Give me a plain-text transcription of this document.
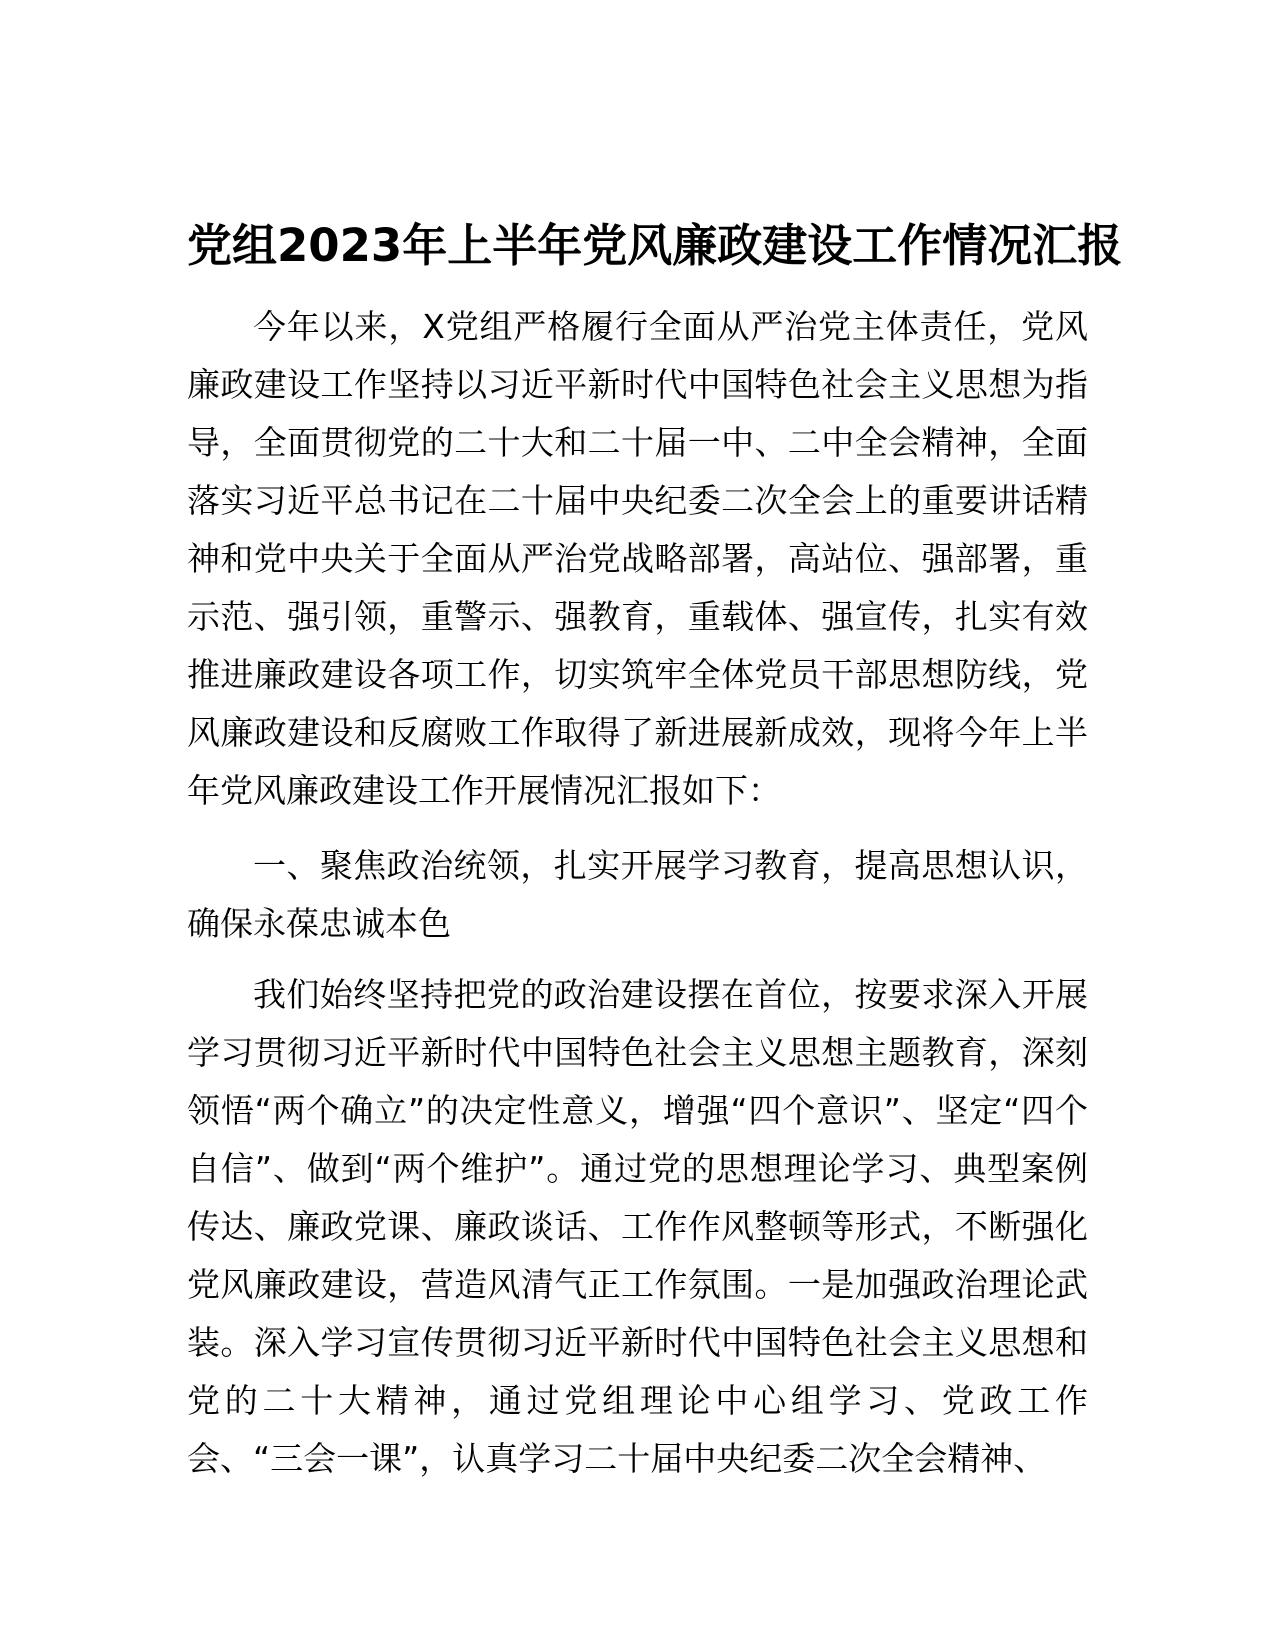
党组2023年上半年党风廉政建设工作情况汇报
今年以来，X党组严格履行全面从严治党主体责任，党风
廉政建设工作坚持以习近平新时代中国特色社会主义思想为指
导，全面贯彻党的二十大和二十届一中、二中全会精神，全面
落实习近平总书记在二十届中央纪委二次全会上的重要讲话精
神和党中央关于全面从严治党战略部署，高站位、强部署，重
示范、强引领，重警示、强教育，重载体、强宣传，扎实有效
推进廉政建设各项工作，切实筑牢全体党员干部思想防线，党
风廉政建设和反腐败工作取得了新进展新成效，现将今年上半
年党风廉政建设工作开展情况汇报如下：
一、聚焦政治统领，扎实开展学习教育，提高思想认识，
确保永葆忠诚本色
我们始终坚持把党的政治建设摆在首位，按要求深入开展
学习贯彻习近平新时代中国特色社会主义思想主题教育，深刻
领悟“两个确立”的决定性意义，增强“四个意识”、坚定“四个
自信”、做到“两个维护”。通过党的思想理论学习、典型案例
传达、廉政党课、廉政谈话、工作作风整顿等形式，不断强化
党风廉政建设，营造风清气正工作氛围。一是加强政治理论武
装。深入学习宣传贯彻习近平新时代中国特色社会主义思想和
党的二十大精神，通过党组理论中心组学习、党政工作
会、“三会一课”，认真学习二十届中央纪委二次全会精神、
